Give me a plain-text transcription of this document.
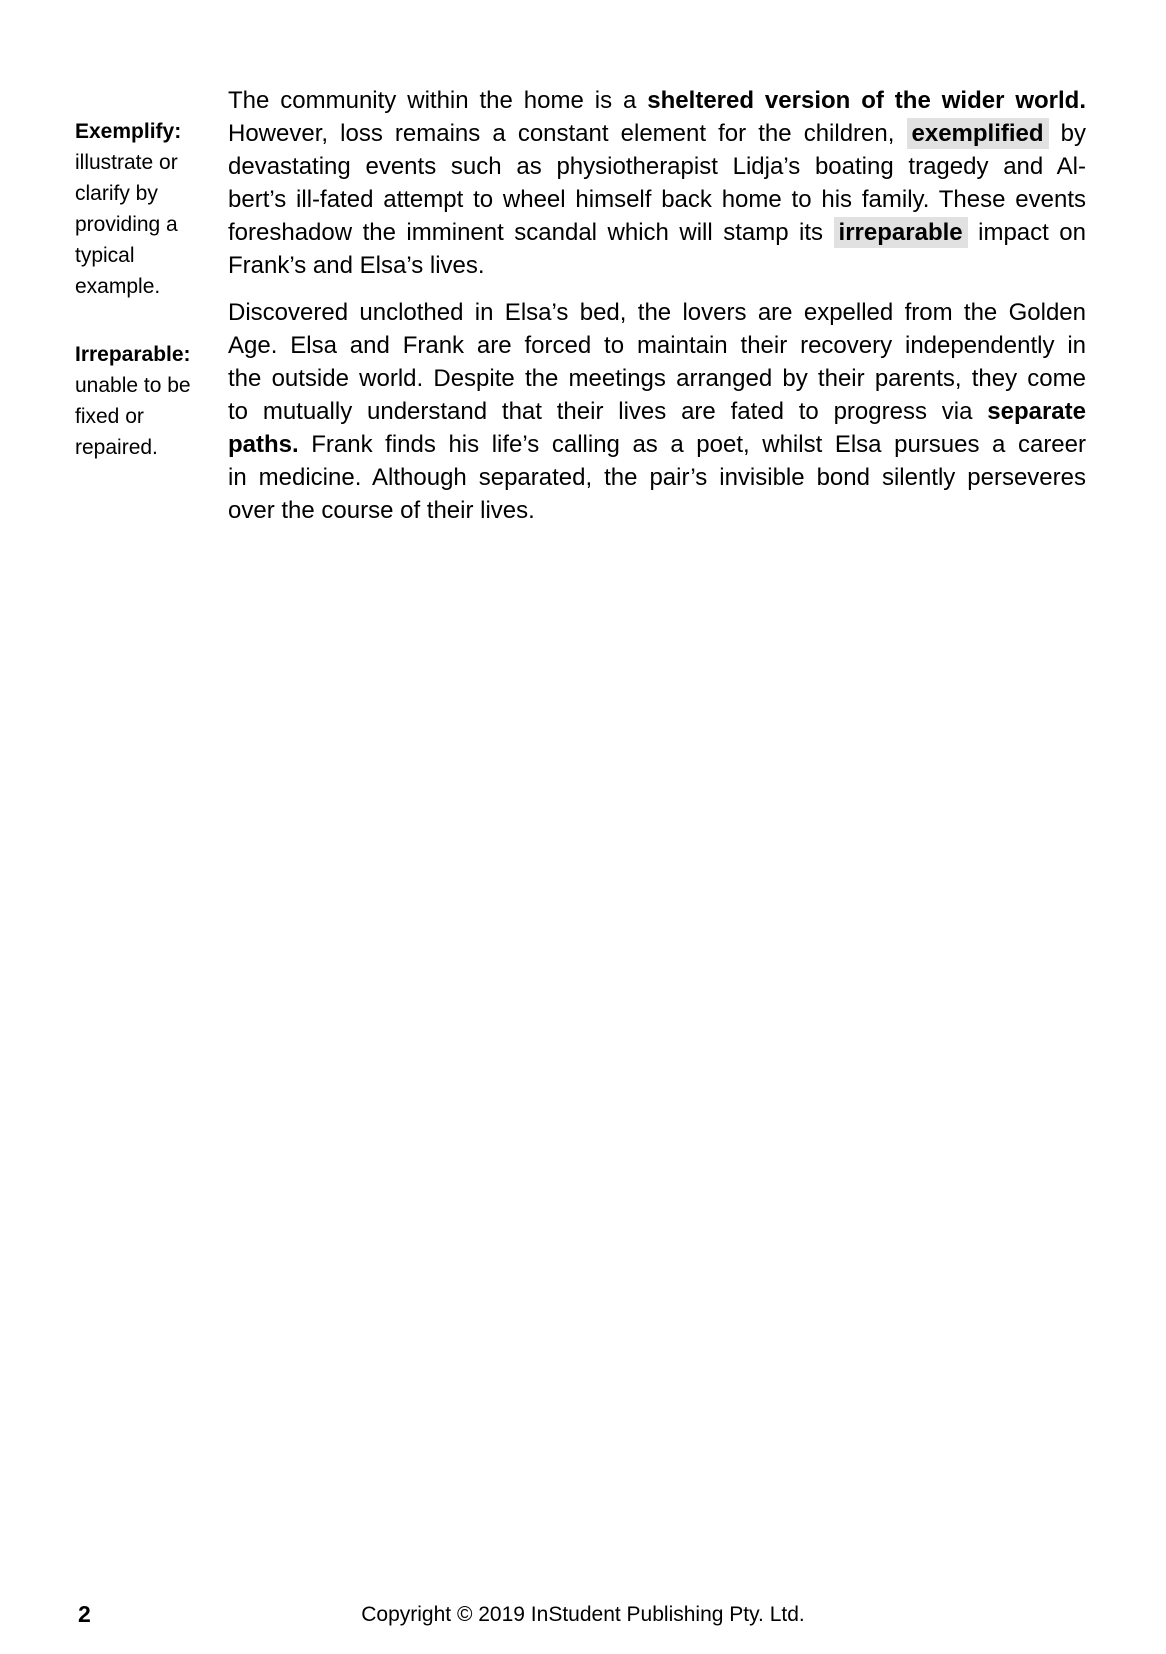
Exemplify:
illustrate or
clarify by
providing a
typical
example.
Irreparable:
unable to be
fixed or
repaired.
The community within the home is a sheltered version of the wider world.
However, loss remains a constant element for the children, exemplified by
devastating events such as physiotherapist Lidja’s boating tragedy and Al-
bert’s ill-fated attempt to wheel himself back home to his family. These events
foreshadow the imminent scandal which will stamp its irreparable impact on
Frank’s and Elsa’s lives.
Discovered unclothed in Elsa’s bed, the lovers are expelled from the Golden
Age. Elsa and Frank are forced to maintain their recovery independently in
the outside world. Despite the meetings arranged by their parents, they come
to mutually understand that their lives are fated to progress via separate
paths. Frank finds his life’s calling as a poet, whilst Elsa pursues a career
in medicine. Although separated, the pair’s invisible bond silently perseveres
over the course of their lives.
2	Copyright © 2019 InStudent Publishing Pty. Ltd.
